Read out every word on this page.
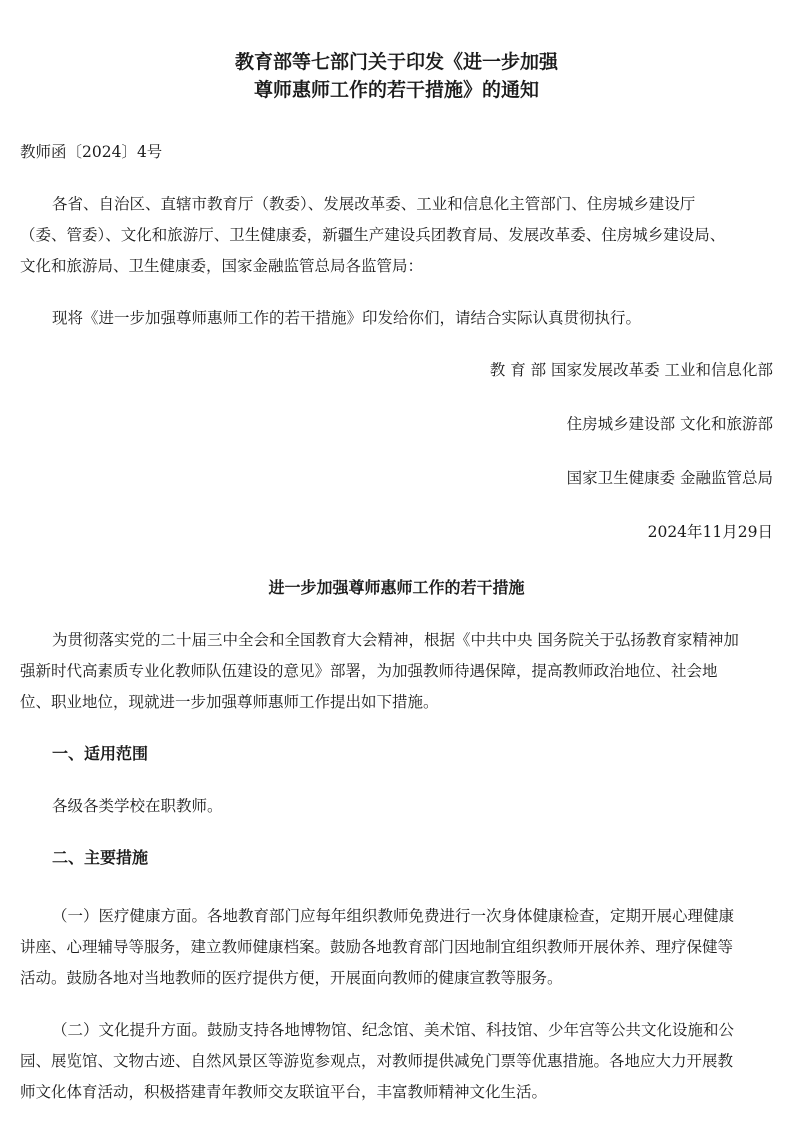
教育部等七部门关于印发《进一步加强
尊师惠师工作的若干措施》的通知
教师函〔2024〕4号
各省、自治区、直辖市教育厅（教委）、发展改革委、工业和信息化主管部门、住房城乡建设厅
（委、管委）、文化和旅游厅、卫生健康委，新疆生产建设兵团教育局、发展改革委、住房城乡建设局、
文化和旅游局、卫生健康委，国家金融监管总局各监管局：
现将《进一步加强尊师惠师工作的若干措施》印发给你们，请结合实际认真贯彻执行。
教 育 部 国家发展改革委 工业和信息化部
住房城乡建设部 文化和旅游部
国家卫生健康委 金融监管总局
2024年11月29日
进一步加强尊师惠师工作的若干措施
为贯彻落实党的二十届三中全会和全国教育大会精神，根据《中共中央 国务院关于弘扬教育家精神加
强新时代高素质专业化教师队伍建设的意见》部署，为加强教师待遇保障，提高教师政治地位、社会地
位、职业地位，现就进一步加强尊师惠师工作提出如下措施。
一、适用范围
各级各类学校在职教师。
二、主要措施
（一）医疗健康方面。各地教育部门应每年组织教师免费进行一次身体健康检查，定期开展心理健康
讲座、心理辅导等服务，建立教师健康档案。鼓励各地教育部门因地制宜组织教师开展休养、理疗保健等
活动。鼓励各地对当地教师的医疗提供方便，开展面向教师的健康宣教等服务。
（二）文化提升方面。鼓励支持各地博物馆、纪念馆、美术馆、科技馆、少年宫等公共文化设施和公
园、展览馆、文物古迹、自然风景区等游览参观点，对教师提供减免门票等优惠措施。各地应大力开展教
师文化体育活动，积极搭建青年教师交友联谊平台，丰富教师精神文化生活。
